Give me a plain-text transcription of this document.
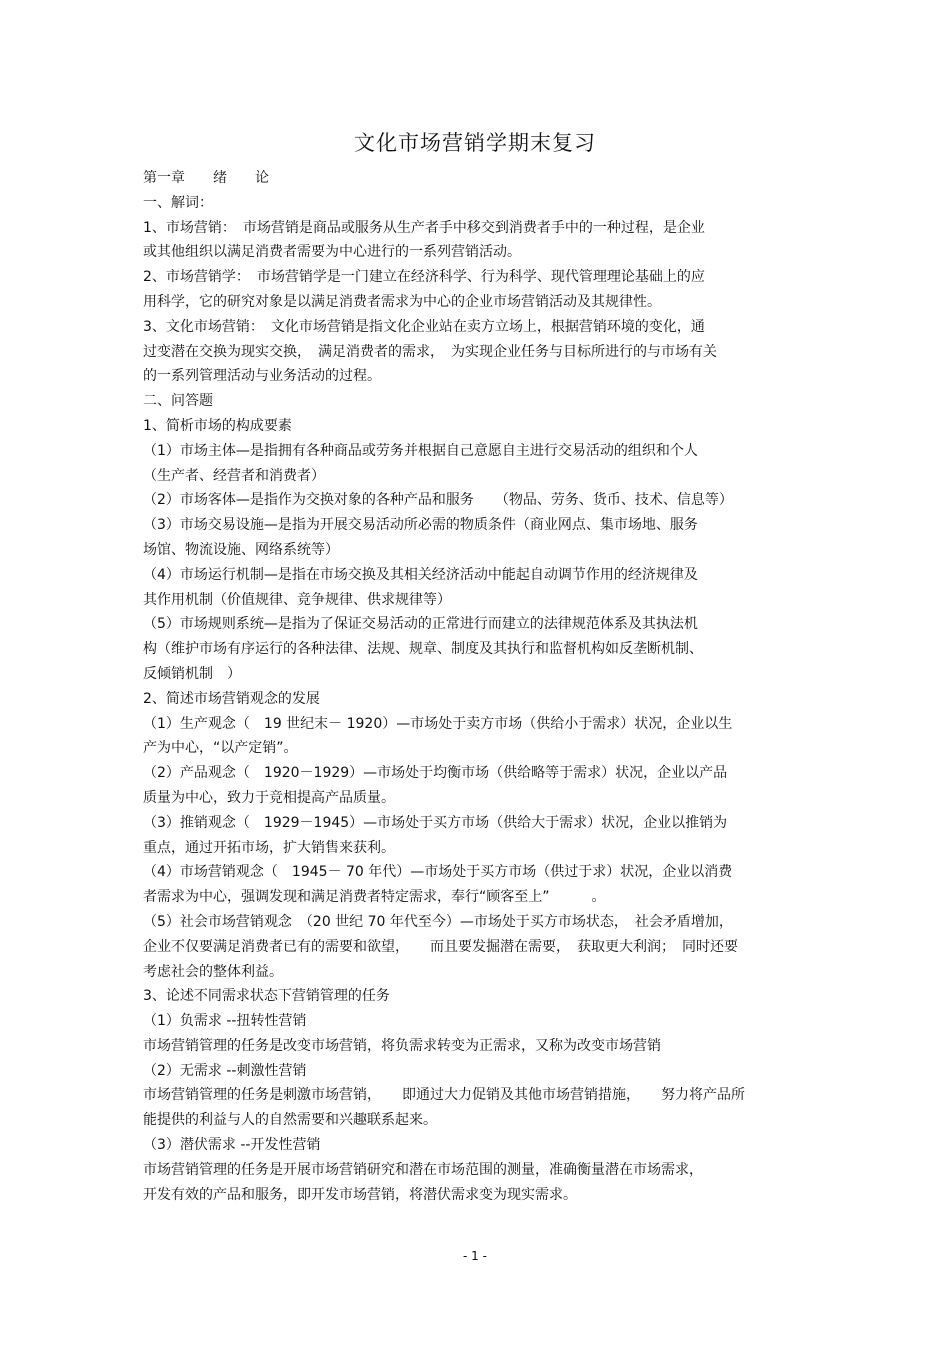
文化市场营销学期末复习
第一章　　绪　　论
一、解词：
1、市场营销：　市场营销是商品或服务从生产者手中移交到消费者手中的一种过程，是企业
或其他组织以满足消费者需要为中心进行的一系列营销活动。
2、市场营销学：　市场营销学是一门建立在经济科学、行为科学、现代管理理论基础上的应
用科学，它的研究对象是以满足消费者需求为中心的企业市场营销活动及其规律性。
3、文化市场营销：　文化市场营销是指文化企业站在卖方立场上，根据营销环境的变化，通
过变潜在交换为现实交换，　满足消费者的需求，　为实现企业任务与目标所进行的与市场有关
的一系列管理活动与业务活动的过程。
二、问答题
1、简析市场的构成要素
（1）市场主体—是指拥有各种商品或劳务并根据自己意愿自主进行交易活动的组织和个人
（生产者、经营者和消费者）
（2）市场客体—是指作为交换对象的各种产品和服务　　（物品、劳务、货币、技术、信息等）
（3）市场交易设施—是指为开展交易活动所必需的物质条件（商业网点、集市场地、服务
场馆、物流设施、网络系统等）
（4）市场运行机制—是指在市场交换及其相关经济活动中能起自动调节作用的经济规律及
其作用机制（价值规律、竞争规律、供求规律等）
（5）市场规则系统—是指为了保证交易活动的正常进行而建立的法律规范体系及其执法机
构（维护市场有序运行的各种法律、法规、规章、制度及其执行和监督机构如反垄断机制、
反倾销机制　）
2、简述市场营销观念的发展
（1）生产观念（　19 世纪末－ 1920）—市场处于卖方市场（供给小于需求）状况，企业以生
产为中心，“以产定销”。
（2）产品观念（　1920－1929）—市场处于均衡市场（供给略等于需求）状况，企业以产品
质量为中心，致力于竞相提高产品质量。
（3）推销观念（　1929－1945）—市场处于买方市场（供给大于需求）状况，企业以推销为
重点，通过开拓市场，扩大销售来获利。
（4）市场营销观念（　1945－ 70 年代）—市场处于买方市场（供过于求）状况，企业以消费
者需求为中心，强调发现和满足消费者特定需求，奉行“顾客至上”　　　。
（5）社会市场营销观念　（20 世纪 70 年代至今）—市场处于买方市场状态，　社会矛盾增加，
企业不仅要满足消费者已有的需要和欲望，　　而且要发掘潜在需要，　获取更大利润；　同时还要
考虑社会的整体利益。
3、论述不同需求状态下营销管理的任务
（1）负需求 --扭转性营销
市场营销管理的任务是改变市场营销，将负需求转变为正需求，又称为改变市场营销
（2）无需求 --刺激性营销
市场营销管理的任务是刺激市场营销，　　即通过大力促销及其他市场营销措施，　　努力将产品所
能提供的利益与人的自然需要和兴趣联系起来。
（3）潜伏需求 --开发性营销
市场营销管理的任务是开展市场营销研究和潜在市场范围的测量，准确衡量潜在市场需求，
开发有效的产品和服务，即开发市场营销，将潜伏需求变为现实需求。
- 1 -
